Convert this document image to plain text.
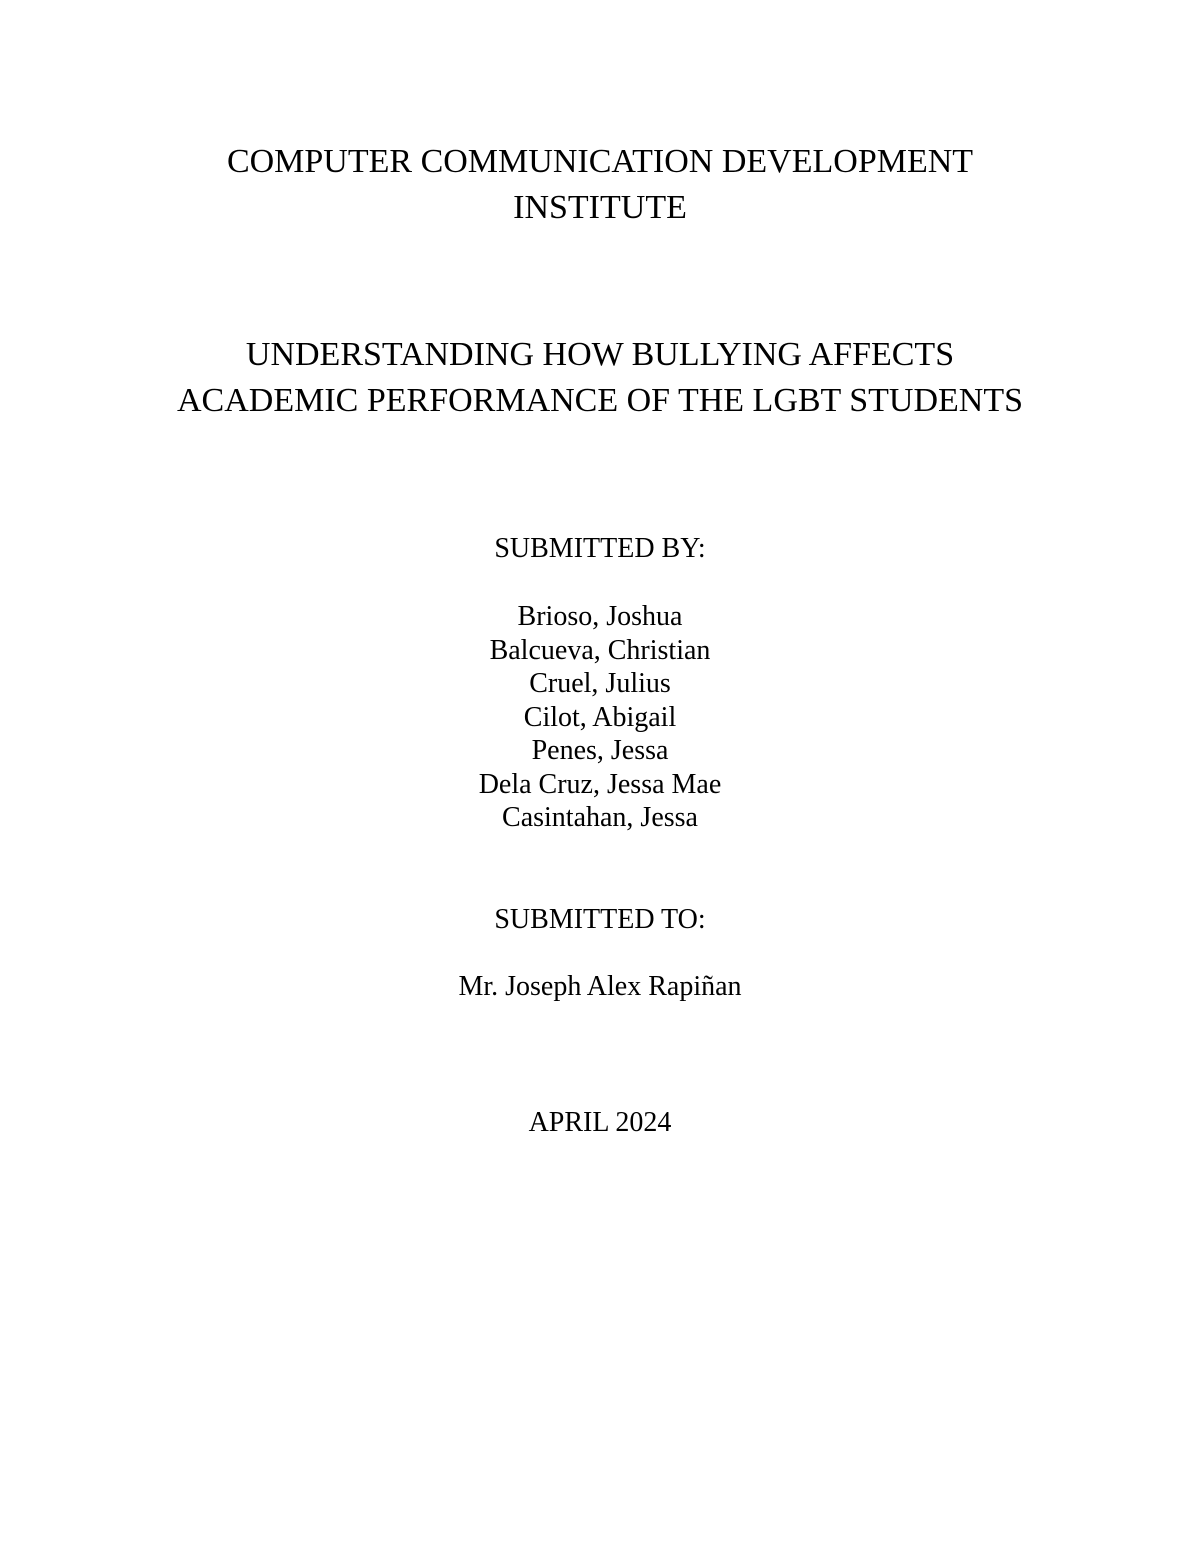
COMPUTER COMMUNICATION DEVELOPMENT
INSTITUTE
UNDERSTANDING HOW BULLYING AFFECTS
ACADEMIC PERFORMANCE OF THE LGBT STUDENTS
SUBMITTED BY:
Brioso, Joshua
Balcueva, Christian
Cruel, Julius
Cilot, Abigail
Penes, Jessa
Dela Cruz, Jessa Mae
Casintahan, Jessa
SUBMITTED TO:
Mr. Joseph Alex Rapiñan
APRIL 2024
